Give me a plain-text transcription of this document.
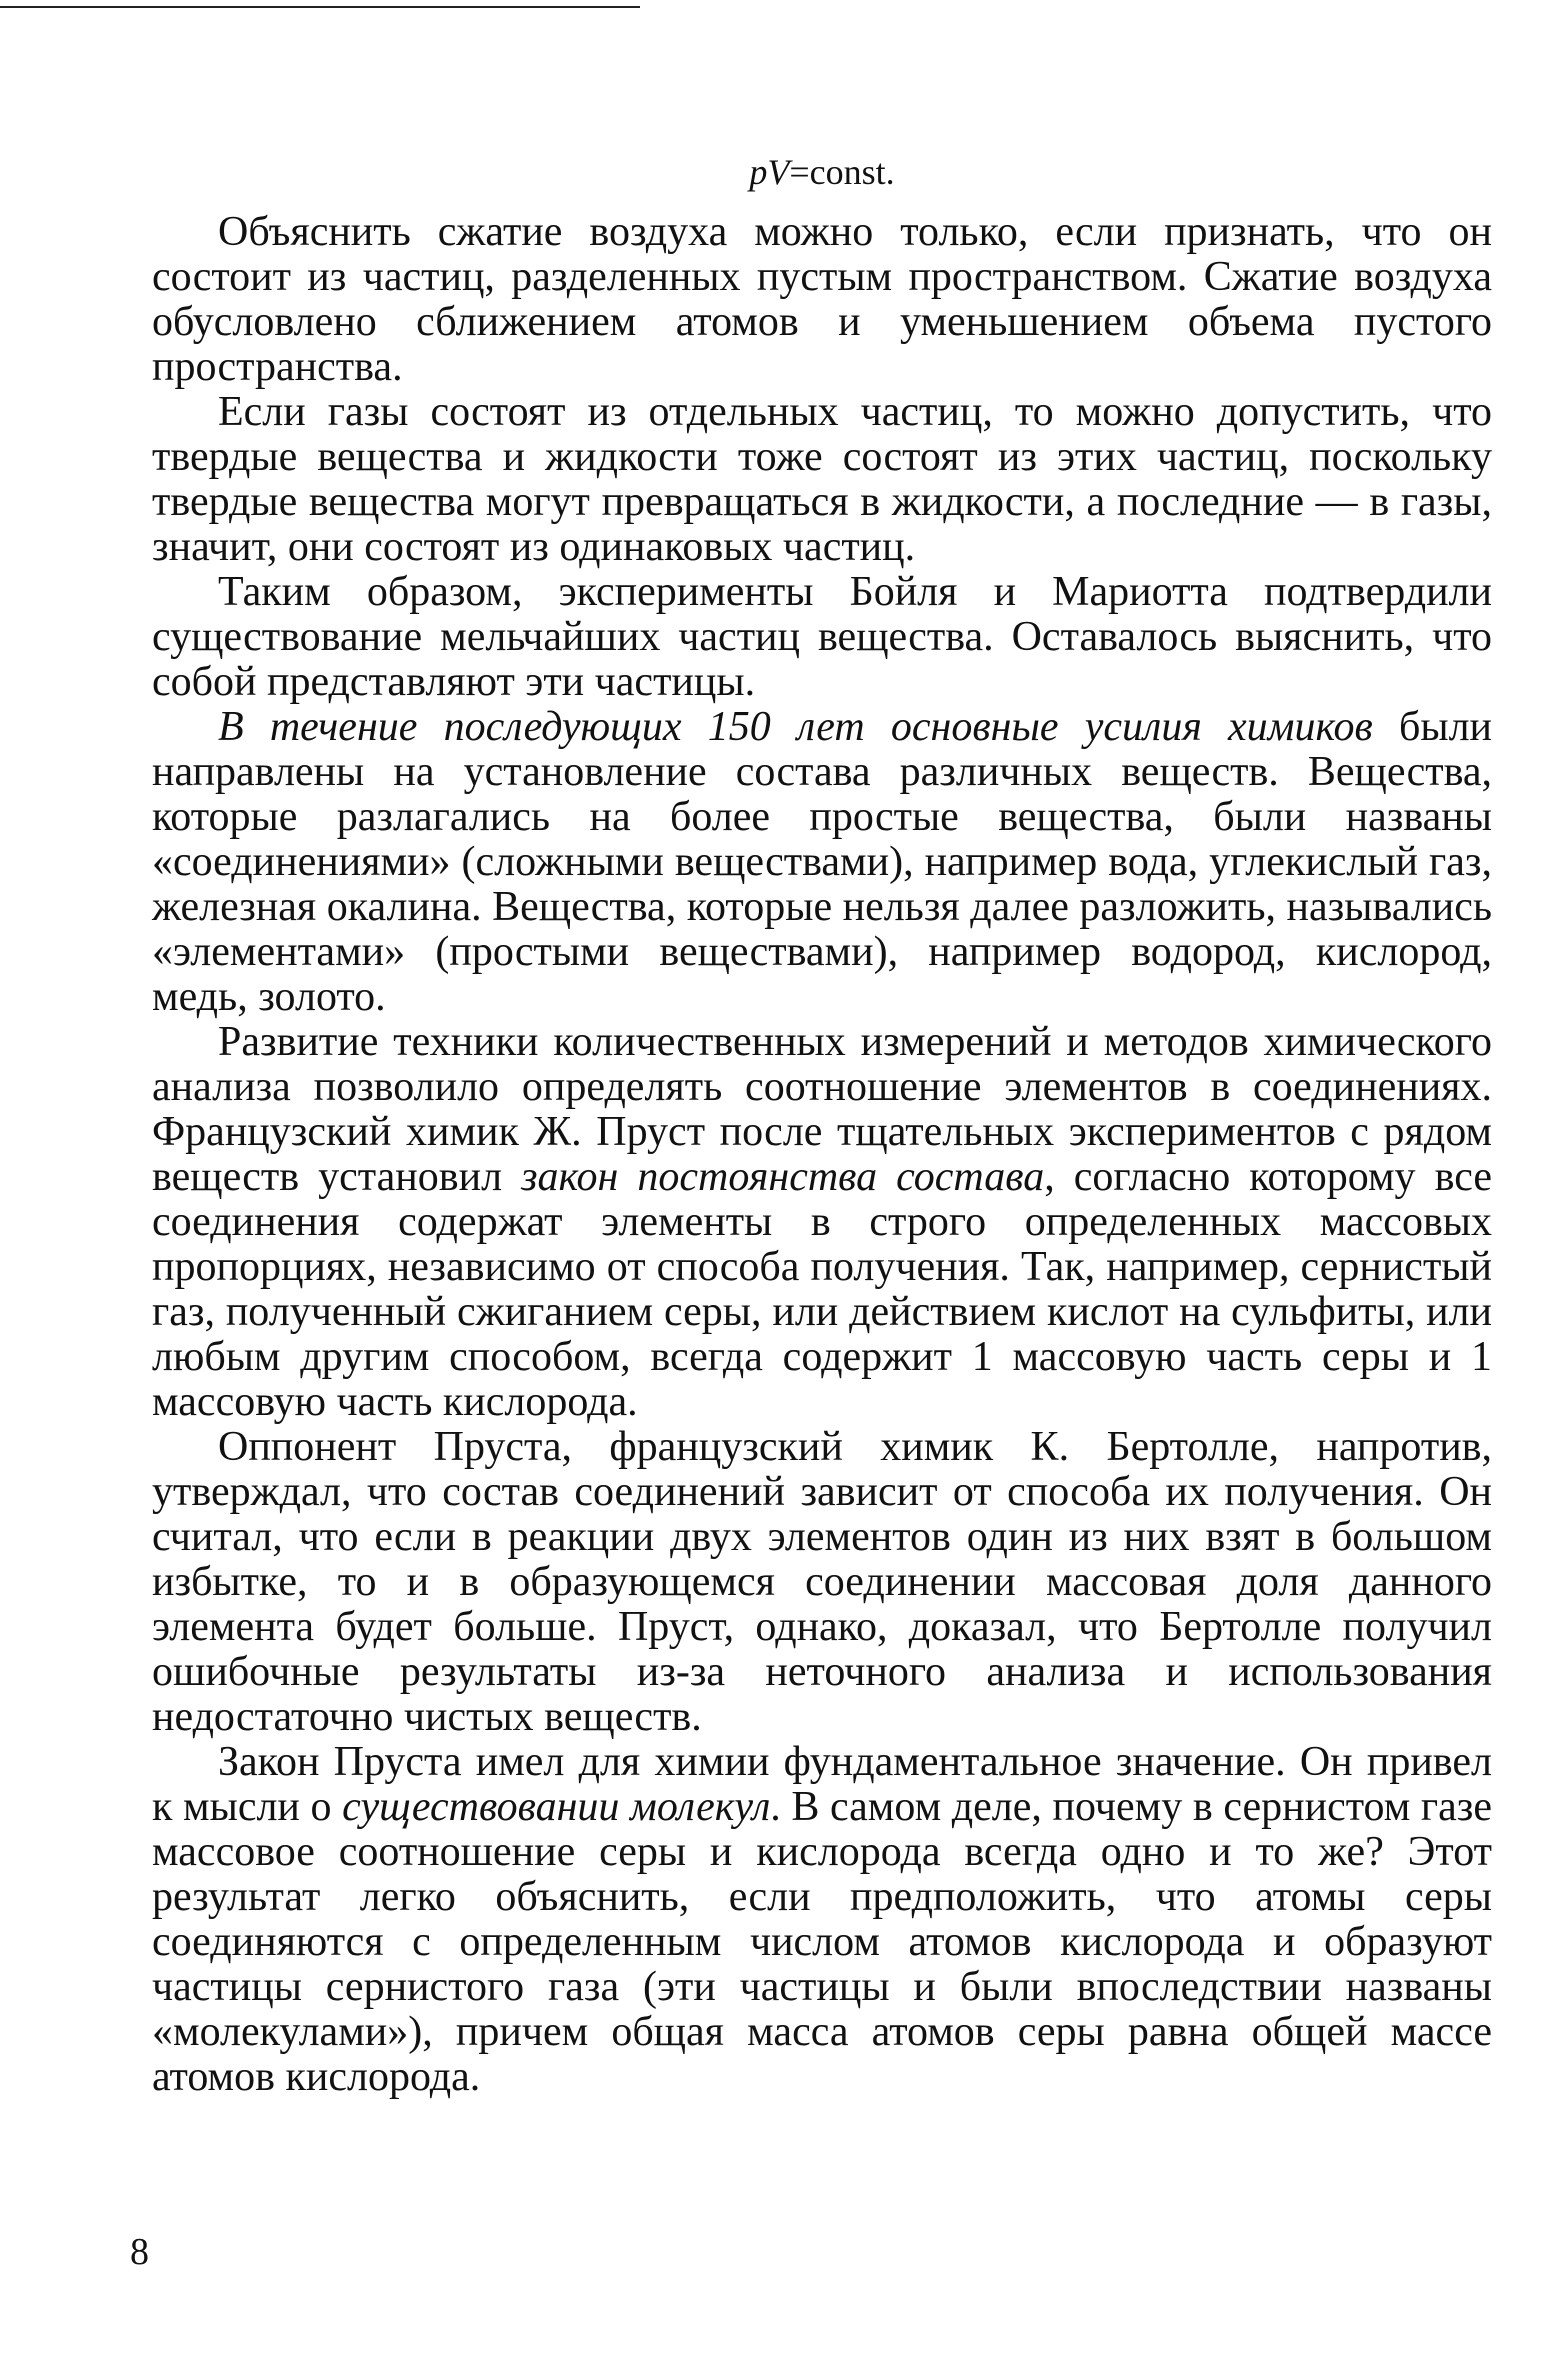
pV=const.

Объяснить сжатие воздуха можно только, если признать, что он состоит из частиц, разделенных пустым пространством. Сжатие воздуха обусловлено сближением атомов и уменьшением объема пустого пространства.

Если газы состоят из отдельных частиц, то можно допустить, что твердые вещества и жидкости тоже состоят из этих частиц, поскольку твердые вещества могут превращаться в жидкости, а последние — в газы, значит, они состоят из одинаковых частиц.

Таким образом, эксперименты Бойля и Мариотта подтвердили существование мельчайших частиц вещества. Оставалось выяснить, что собой представляют эти частицы.

В течение последующих 150 лет основные усилия химиков были направлены на установление состава различных веществ. Вещества, которые разлагались на более простые вещества, были названы «соединениями» (сложными веществами), например вода, углекислый газ, железная окалина. Вещества, которые нельзя далее разложить, назывались «элементами» (простыми веществами), например водород, кислород, медь, золото.

Развитие техники количественных измерений и методов химического анализа позволило определять соотношение элементов в соединениях. Французский химик Ж. Пруст после тщательных экспериментов с рядом веществ установил закон постоянства состава, согласно которому все соединения содержат элементы в строго определенных массовых пропорциях, независимо от способа получения. Так, например, сернистый газ, полученный сжиганием серы, или действием кислот на сульфиты, или любым другим способом, всегда содержит 1 массовую часть серы и 1 массовую часть кислорода.

Оппонент Пруста, французский химик К. Бертолле, напротив, утверждал, что состав соединений зависит от способа их получения. Он считал, что если в реакции двух элементов один из них взят в большом избытке, то и в образующемся соединении массовая доля данного элемента будет больше. Пруст, однако, доказал, что Бертолле получил ошибочные результаты из-за неточного анализа и использования недостаточно чистых веществ.

Закон Пруста имел для химии фундаментальное значение. Он привел к мысли о существовании молекул. В самом деле, почему в сернистом газе массовое соотношение серы и кислорода всегда одно и то же? Этот результат легко объяснить, если предположить, что атомы серы соединяются с определенным числом атомов кислорода и образуют частицы сернистого газа (эти частицы и были впоследствии названы «молекулами»), причем общая масса атомов серы равна общей массе атомов кислорода.

8
